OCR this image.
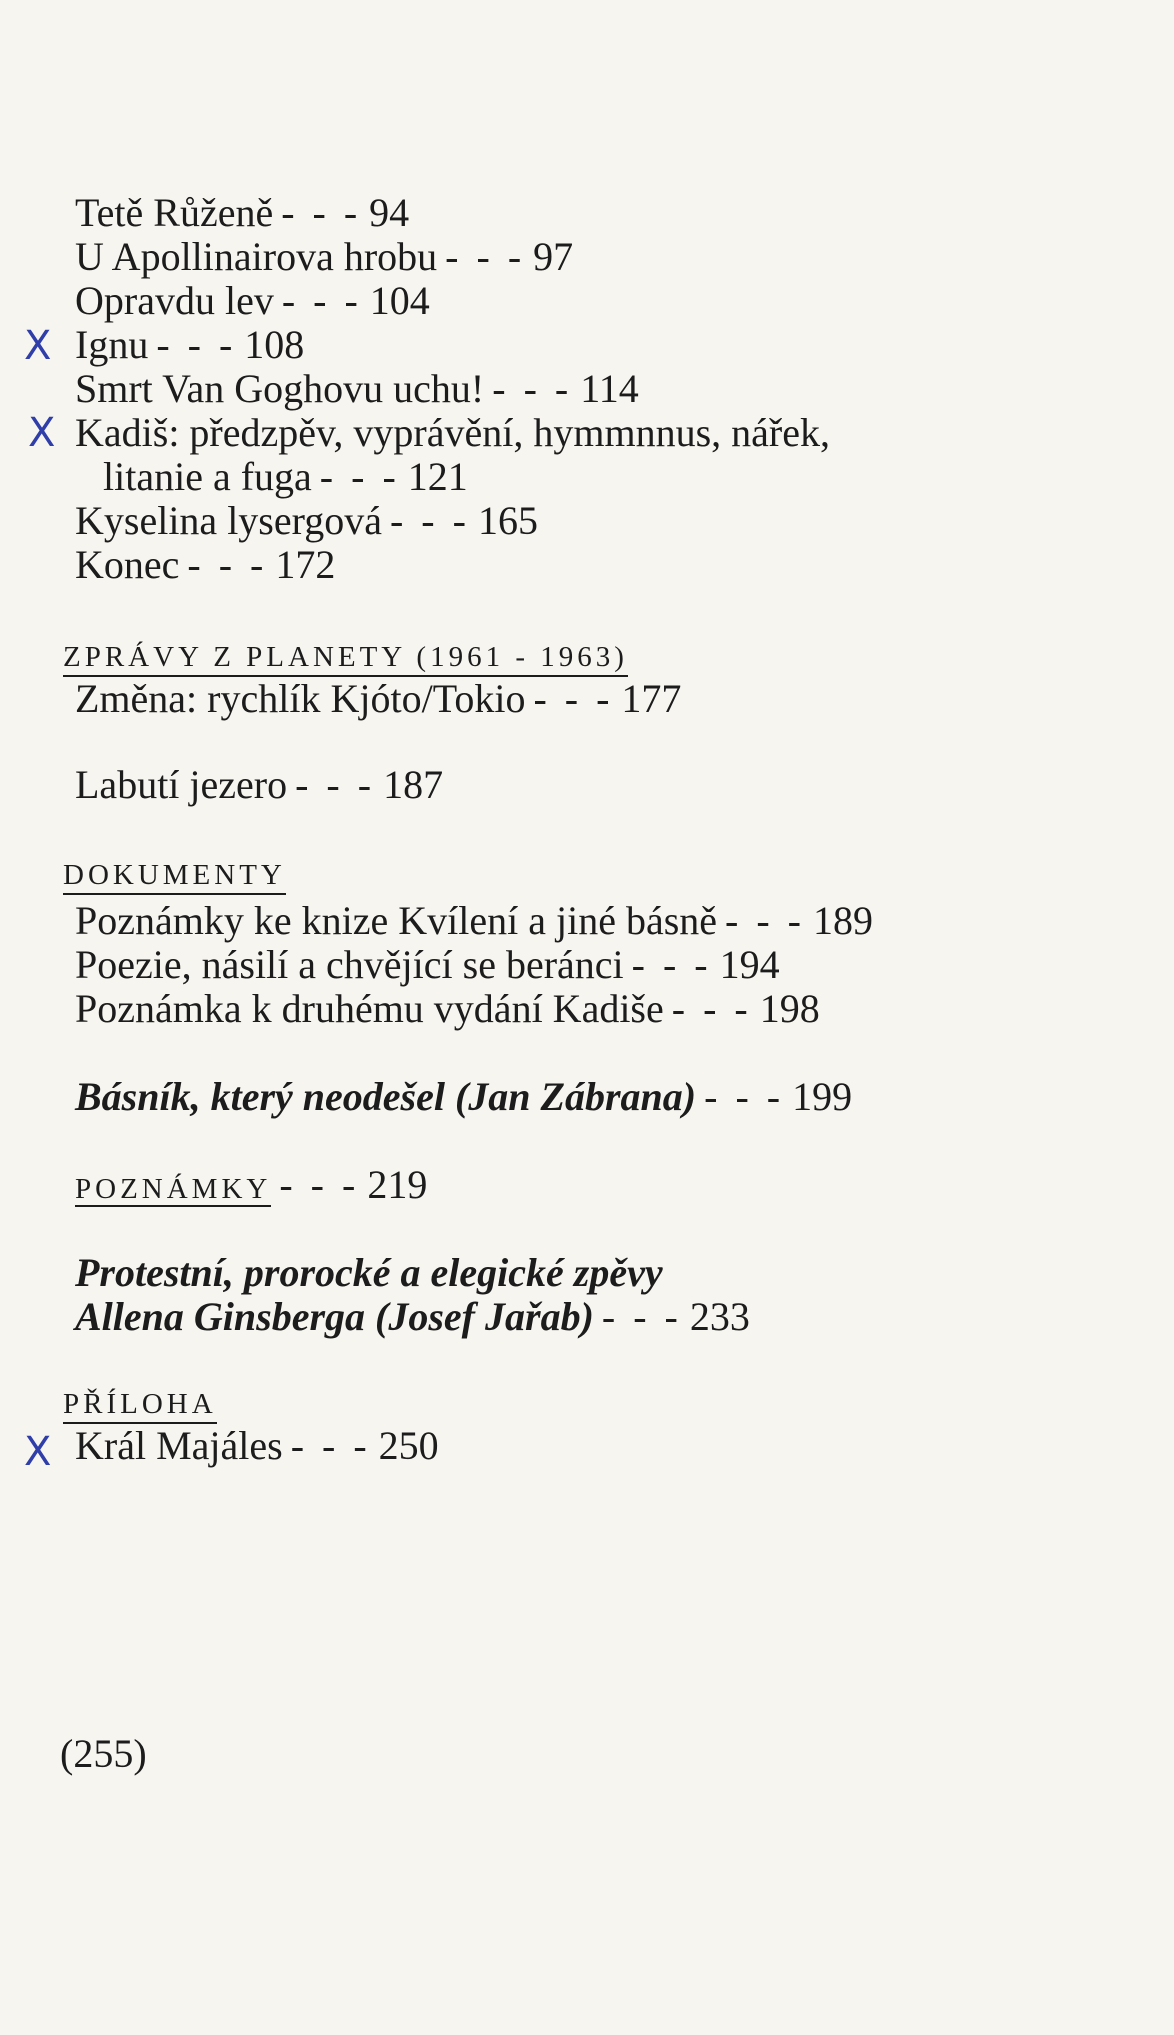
Tetě Růženě - - - 94
U Apollinairova hrobu - - - 97
Opravdu lev - - - 104
Ignu - - - 108
Smrt Van Goghovu uchu! - - - 114
Kadiš: předzpěv, vyprávění, hymmnnus, nářek,
litanie a fuga - - - 121
Kyselina lysergová - - - 165
Konec - - - 172
ZPRÁVY Z PLANETY (1961 - 1963)
Změna: rychlík Kjóto/Tokio - - - 177
Labutí jezero - - - 187
DOKUMENTY
Poznámky ke knize Kvílení a jiné básně - - - 189
Poezie, násilí a chvějící se beránci - - - 194
Poznámka k druhému vydání Kadiše - - - 198
Básník, který neodešel (Jan Zábrana) - - - 199
POZNÁMKY - - - 219
Protestní, prorocké a elegické zpěvy
Allena Ginsberga (Josef Jařab) - - - 233
PŘÍLOHA
Král Majáles - - - 250
X
X
X
(255)
